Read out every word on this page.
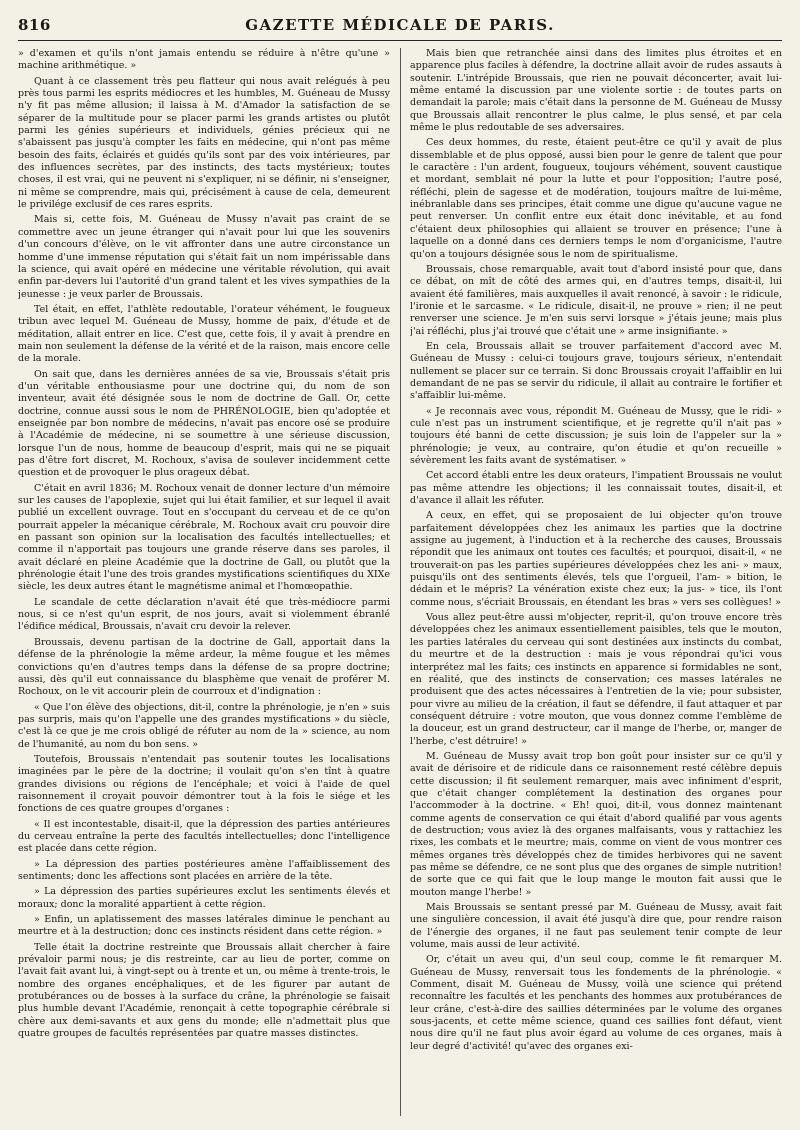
816	GAZETTE MÉDICALE DE PARIS.

» d'examen et qu'ils n'ont jamais entendu se réduire à n'être qu'une » machine arithmétique. »

Quant à ce classement très peu flatteur qui nous avait relégués à peu près tous parmi les esprits médiocres et les humbles, M. Guéneau de Mussy n'y fit pas même allusion; il laissa à M. d'Amador la satisfaction de se séparer de la multitude pour se placer parmi les grands artistes ou plutôt parmi les génies supérieurs et individuels, génies précieux qui ne s'abaissent pas jusqu'à compter les faits en médecine, qui n'ont pas même besoin des faits, éclairés et guidés qu'ils sont par des voix intérieures, par des influences secrètes, par des instincts, des tacts mystérieux; toutes choses, il est vrai, qui ne peuvent ni s'expliquer, ni se définir, ni s'enseigner, ni même se comprendre, mais qui, précisément à cause de cela, demeurent le privilége exclusif de ces rares esprits.

Mais si, cette fois, M. Guéneau de Mussy n'avait pas craint de se commettre avec un jeune étranger qui n'avait pour lui que les souvenirs d'un concours d'élève, on le vit affronter dans une autre circonstance un homme d'une immense réputation qui s'était fait un nom impérissable dans la science, qui avait opéré en médecine une véritable révolution, qui avait enfin par-devers lui l'autorité d'un grand talent et les vives sympathies de la jeunesse : je veux parler de Broussais.

Tel était, en effet, l'athlète redoutable, l'orateur véhément, le fougueux tribun avec lequel M. Guéneau de Mussy, homme de paix, d'étude et de méditation, allait entrer en lice. C'est que, cette fois, il y avait à prendre en main non seulement la défense de la vérité et de la raison, mais encore celle de la morale.

On sait que, dans les dernières années de sa vie, Broussais s'était pris d'un véritable enthousiasme pour une doctrine qui, du nom de son inventeur, avait été désignée sous le nom de doctrine de Gall. Or, cette doctrine, connue aussi sous le nom de PHRÉNOLOGIE, bien qu'adoptée et enseignée par bon nombre de médecins, n'avait pas encore osé se produire à l'Académie de médecine, ni se soumettre à une sérieuse discussion, lorsque l'un de nous, homme de beaucoup d'esprit, mais qui ne se piquait pas d'être fort discret, M. Rochoux, s'avisa de soulever incidemment cette question et de provoquer le plus orageux débat.

C'était en avril 1836; M. Rochoux venait de donner lecture d'un mémoire sur les causes de l'apoplexie, sujet qui lui était familier, et sur lequel il avait publié un excellent ouvrage. Tout en s'occupant du cerveau et de ce qu'on pourrait appeler la mécanique cérébrale, M. Rochoux avait cru pouvoir dire en passant son opinion sur la localisation des facultés intellectuelles; et comme il n'apportait pas toujours une grande réserve dans ses paroles, il avait déclaré en pleine Académie que la doctrine de Gall, ou plutôt que la phrénologie était l'une des trois grandes mystifications scientifiques du XIXe siècle, les deux autres étant le magnétisme animal et l'homœopathie.

Le scandale de cette déclaration n'avait été que très-médiocre parmi nous, si ce n'est qu'un esprit, de nos jours, avait si violemment ébranlé l'édifice médical, Broussais, n'avait cru devoir la relever.

Broussais, devenu partisan de la doctrine de Gall, apportait dans la défense de la phrénologie la même ardeur, la même fougue et les mêmes convictions qu'en d'autres temps dans la défense de sa propre doctrine; aussi, dès qu'il eut connaissance du blasphème que venait de proférer M. Rochoux, on le vit accourir plein de courroux et d'indignation :

« Que l'on élève des objections, dit-il, contre la phrénologie, je n'en » suis pas surpris, mais qu'on l'appelle une des grandes mystifications » du siècle, c'est là ce que je me crois obligé de réfuter au nom de la » science, au nom de l'humanité, au nom du bon sens. »

Toutefois, Broussais n'entendait pas soutenir toutes les localisations imaginées par le père de la doctrine; il voulait qu'on s'en tînt à quatre grandes divisions ou régions de l'encéphale; et voici à l'aide de quel raisonnement il croyait pouvoir démontrer tout à la fois le siége et les fonctions de ces quatre groupes d'organes :

« Il est incontestable, disait-il, que la dépression des parties antérieures du cerveau entraîne la perte des facultés intellectuelles; donc l'intelligence est placée dans cette région.

» La dépression des parties postérieures amène l'affaiblissement des sentiments; donc les affections sont placées en arrière de la tête.

» La dépression des parties supérieures exclut les sentiments élevés et moraux; donc la moralité appartient à cette région.

» Enfin, un aplatissement des masses latérales diminue le penchant au meurtre et à la destruction; donc ces instincts résident dans cette région. »

Telle était la doctrine restreinte que Broussais allait chercher à faire prévaloir parmi nous; je dis restreinte, car au lieu de porter, comme on l'avait fait avant lui, à vingt-sept ou à trente et un, ou même à trente-trois, le nombre des organes encéphaliques, et de les figurer par autant de protubérances ou de bosses à la surface du crâne, la phrénologie se faisait plus humble devant l'Académie, renonçait à cette topographie cérébrale si chère aux demi-savants et aux gens du monde; elle n'admettait plus que quatre groupes de facultés représentées par quatre masses distinctes.

Mais bien que retranchée ainsi dans des limites plus étroites et en apparence plus faciles à défendre, la doctrine allait avoir de rudes assauts à soutenir. L'intrépide Broussais, que rien ne pouvait déconcerter, avait lui-même entamé la discussion par une violente sortie : de toutes parts on demandait la parole; mais c'était dans la personne de M. Guéneau de Mussy que Broussais allait rencontrer le plus calme, le plus sensé, et par cela même le plus redoutable de ses adversaires.

Ces deux hommes, du reste, étaient peut-être ce qu'il y avait de plus dissemblable et de plus opposé, aussi bien pour le genre de talent que pour le caractère : l'un ardent, fougueux, toujours véhément, souvent caustique et mordant, semblait né pour la lutte et pour l'opposition; l'autre posé, réfléchi, plein de sagesse et de modération, toujours maître de lui-même, inébranlable dans ses principes, était comme une digue qu'aucune vague ne peut renverser. Un conflit entre eux était donc inévitable, et au fond c'étaient deux philosophies qui allaient se trouver en présence; l'une à laquelle on a donné dans ces derniers temps le nom d'organicisme, l'autre qu'on a toujours désignée sous le nom de spiritualisme.

Broussais, chose remarquable, avait tout d'abord insisté pour que, dans ce débat, on mît de côté des armes qui, en d'autres temps, disait-il, lui avaient été familières, mais auxquelles il avait renoncé, à savoir : le ridicule, l'ironie et le sarcasme. « Le ridicule, disait-il, ne prouve » rien; il ne peut renverser une science. Je m'en suis servi lorsque » j'étais jeune; mais plus j'ai réfléchi, plus j'ai trouvé que c'était une » arme insignifiante. »

En cela, Broussais allait se trouver parfaitement d'accord avec M. Guéneau de Mussy : celui-ci toujours grave, toujours sérieux, n'entendait nullement se placer sur ce terrain. Si donc Broussais croyait l'affaiblir en lui demandant de ne pas se servir du ridicule, il allait au contraire le fortifier et s'affaiblir lui-même.

« Je reconnais avec vous, répondit M. Guéneau de Mussy, que le ridi- » cule n'est pas un instrument scientifique, et je regrette qu'il n'ait pas » toujours été banni de cette discussion; je suis loin de l'appeler sur la » phrénologie; je veux, au contraire, qu'on étudie et qu'on recueille » sévèrement les faits avant de systématiser. »

Cet accord établi entre les deux orateurs, l'impatient Broussais ne voulut pas même attendre les objections; il les connaissait toutes, disait-il, et d'avance il allait les réfuter.

A ceux, en effet, qui se proposaient de lui objecter qu'on trouve parfaitement développées chez les animaux les parties que la doctrine assigne au jugement, à l'induction et à la recherche des causes, Broussais répondit que les animaux ont toutes ces facultés; et pourquoi, disait-il, « ne trouverait-on pas les parties supérieures développées chez les ani- » maux, puisqu'ils ont des sentiments élevés, tels que l'orgueil, l'am- » bition, le dédain et le mépris? La vénération existe chez eux; la jus- » tice, ils l'ont comme nous, s'écriait Broussais, en étendant les bras » vers ses collègues! »

Vous allez peut-être aussi m'objecter, reprit-il, qu'on trouve encore très développées chez les animaux essentiellement paisibles, tels que le mouton, les parties latérales du cerveau qui sont destinées aux instincts du combat, du meurtre et de la destruction : mais je vous répondrai qu'ici vous interprétez mal les faits; ces instincts en apparence si formidables ne sont, en réalité, que des instincts de conservation; ces masses latérales ne produisent que des actes nécessaires à l'entretien de la vie; pour subsister, pour vivre au milieu de la création, il faut se défendre, il faut attaquer et par conséquent détruire : votre mouton, que vous donnez comme l'emblème de la douceur, est un grand destructeur, car il mange de l'herbe, or, manger de l'herbe, c'est détruire! »

M. Guéneau de Mussy avait trop bon goût pour insister sur ce qu'il y avait de dérisoire et de ridicule dans ce raisonnement resté célèbre depuis cette discussion; il fit seulement remarquer, mais avec infiniment d'esprit, que c'était changer complétement la destination des organes pour l'accommoder à la doctrine. « Eh! quoi, dit-il, vous donnez maintenant comme agents de conservation ce qui était d'abord qualifié par vous agents de destruction; vous aviez là des organes malfaisants, vous y rattachiez les rixes, les combats et le meurtre; mais, comme on vient de vous montrer ces mêmes organes très développés chez de timides herbivores qui ne savent pas même se défendre, ce ne sont plus que des organes de simple nutrition! de sorte que ce qui fait que le loup mange le mouton fait aussi que le mouton mange l'herbe! »

Mais Broussais se sentant pressé par M. Guéneau de Mussy, avait fait une singulière concession, il avait été jusqu'à dire que, pour rendre raison de l'énergie des organes, il ne faut pas seulement tenir compte de leur volume, mais aussi de leur activité.

Or, c'était un aveu qui, d'un seul coup, comme le fit remarquer M. Guéneau de Mussy, renversait tous les fondements de la phrénologie. « Comment, disait M. Guéneau de Mussy, voilà une science qui prétend reconnaître les facultés et les penchants des hommes aux protubérances de leur crâne, c'est-à-dire des saillies déterminées par le volume des organes sous-jacents, et cette même science, quand ces saillies font défaut, vient nous dire qu'il ne faut plus avoir égard au volume de ces organes, mais à leur degré d'activité! qu'avec des organes exi-
